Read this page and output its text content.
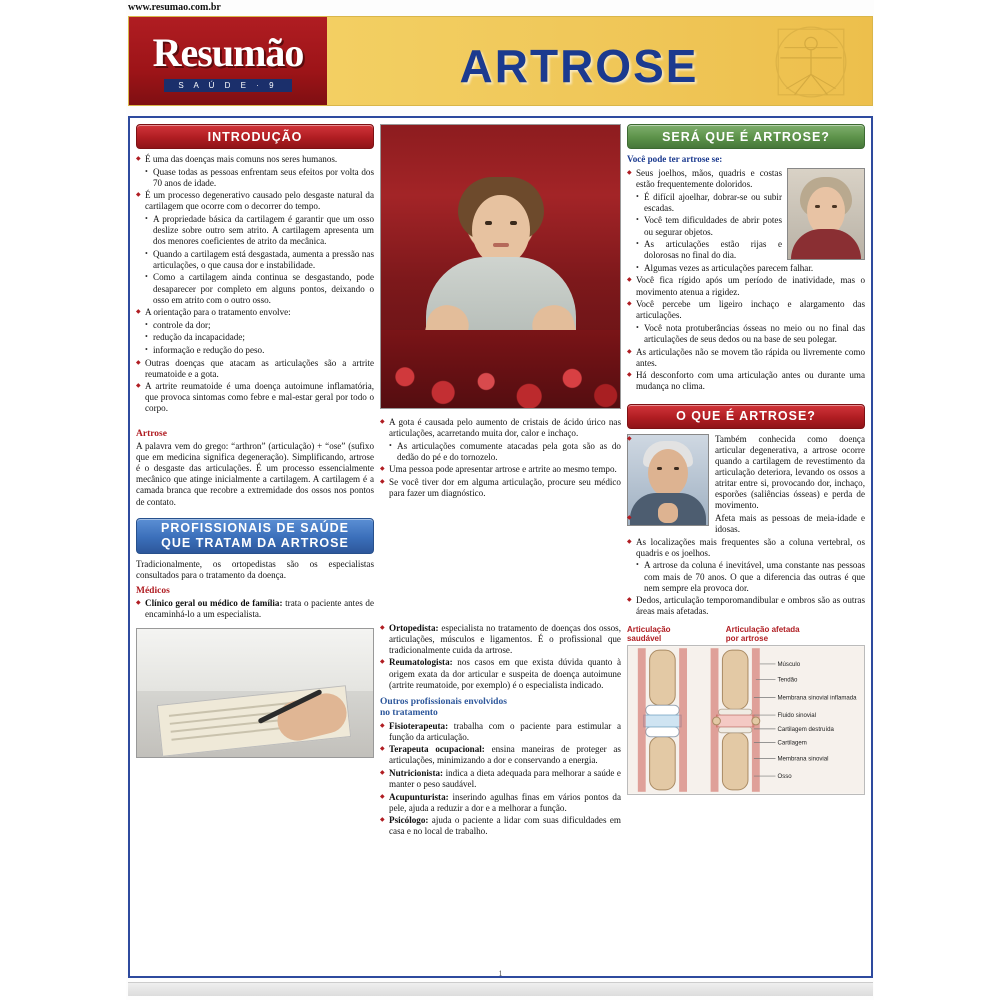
www.resumao.com.br
Resumão
S A Ú D E · 9	ARTROSE
INTRODUÇÃO
◆ É uma das doenças mais comuns nos seres humanos.
• Quase todas as pessoas enfrentam seus efeitos por volta dos 70 anos de idade.
◆ É um processo degenerativo causado pelo desgaste natural da cartilagem que ocorre com o decorrer do tempo.
• A propriedade básica da cartilagem é garantir que um osso deslize sobre outro sem atrito. A cartilagem apresenta um dos menores coeficientes de atrito da mecânica.
• Quando a cartilagem está desgastada, aumenta a pressão nas articulações, o que causa dor e instabilidade.
• Como a cartilagem ainda continua se desgastando, pode desaparecer por completo em alguns pontos, deixando o osso em atrito com o outro osso.
◆ A orientação para o tratamento envolve:
• controle da dor;
• redução da incapacidade;
• informação e redução do peso.
◆ Outras doenças que atacam as articulações são a artrite reumatoide e a gota.
◆ A artrite reumatoide é uma doença autoimune inflamatória, que provoca sintomas como febre e mal-estar geral por todo o corpo.
Artrose
A palavra vem do grego: “arthron” (articulação) + “ose” (sufixo que em medicina significa degeneração). Simplificando, artrose é o desgaste das articulações. É um processo essencialmente mecânico que atinge inicialmente a cartilagem. A cartilagem é a camada branca que recobre a extremidade dos ossos nos pontos de contato.
PROFISSIONAIS DE SAÚDE
QUE TRATAM DA ARTROSE
Tradicionalmente, os ortopedistas são os especialistas consultados para o tratamento da doença.
Médicos
◆ Clínico geral ou médico de família: trata o paciente antes de encaminhá-lo a um especialista.
◆ A gota é causada pelo aumento de cristais de ácido úrico nas articulações, acarretando muita dor, calor e inchaço.
• As articulações comumente atacadas pela gota são as do dedão do pé e do tornozelo.
◆ Uma pessoa pode apresentar artrose e artrite ao mesmo tempo.
◆ Se você tiver dor em alguma articulação, procure seu médico para fazer um diagnóstico.
◆ Ortopedista: especialista no tratamento de doenças dos ossos, articulações, músculos e ligamentos. É o profissional que tradicionalmente cuida da artrose.
◆ Reumatologista: nos casos em que exista dúvida quanto à origem exata da dor articular e suspeita de doença autoimune (artrite reumatoide, por exemplo) é o especialista indicado.
Outros profissionais envolvidos
no tratamento
◆ Fisioterapeuta: trabalha com o paciente para estimular a função da articulação.
◆ Terapeuta ocupacional: ensina maneiras de proteger as articulações, minimizando a dor e conservando a energia.
◆ Nutricionista: indica a dieta adequada para melhorar a saúde e manter o peso saudável.
◆ Acupunturista: inserindo agulhas finas em vários pontos da pele, ajuda a reduzir a dor e a melhorar a função.
◆ Psicólogo: ajuda o paciente a lidar com suas dificuldades em casa e no local de trabalho.
SERÁ QUE É ARTROSE?
Você pode ter artrose se:
◆ Seus joelhos, mãos, quadris e costas estão frequentemente doloridos.
• É difícil ajoelhar, dobrar-se ou subir escadas.
• Você tem dificuldades de abrir potes ou segurar objetos.
• As articulações estão rijas e dolorosas no final do dia.
• Algumas vezes as articulações parecem falhar.
◆ Você fica rígido após um período de inatividade, mas o movimento atenua a rigidez.
◆ Você percebe um ligeiro inchaço e alargamento das articulações.
• Você nota protuberâncias ósseas no meio ou no final das articulações de seus dedos ou na base de seu polegar.
◆ As articulações não se movem tão rápida ou livremente como antes.
◆ Há desconforto com uma articulação antes ou durante uma mudança no clima.
O QUE É ARTROSE?
◆ Também conhecida como doença articular degenerativa, a artrose ocorre quando a cartilagem de revestimento da articulação deteriora, levando os ossos a atritar entre si, provocando dor, inchaço, esporões (saliências ósseas) e perda de movimento.
◆ Afeta mais as pessoas de meia-idade e idosas.
◆ As localizações mais frequentes são a coluna vertebral, os quadris e os joelhos.
• A artrose da coluna é inevitável, uma constante nas pessoas com mais de 70 anos. O que a diferencia das outras é que nem sempre ela provoca dor.
◆ Dedos, articulação temporomandibular e ombros são as outras áreas mais afetadas.
Articulação
saudável
Articulação afetada
por artrose
Músculo
Tendão
Membrana sinovial inflamada
Fluido sinovial
Cartilagem destruída
Cartilagem
Membrana sinovial
Osso
1
